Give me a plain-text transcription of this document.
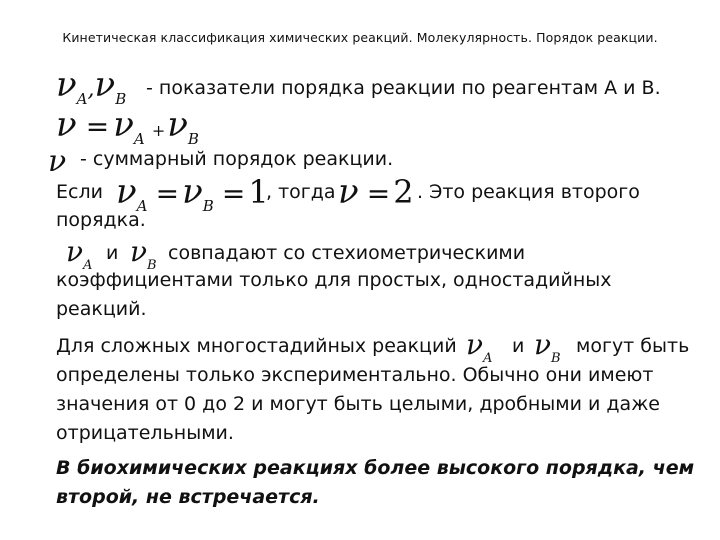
Кинетическая классификация химических реакций. Молекулярность. Порядок реакции.
νA,νB - показатели порядка реакции по реагентам А и В.
ν = νA +νB
ν - суммарный порядок реакции.
Если νA =νB =1
, тогда ν =2 . Это реакция второго
порядка.
$\nu_A$
и $\nu_B$
совпадают со стехиометрическими
коэффициентами только для простых, одностадийных
реакций.
Для сложных многостадийных реакций $\nu_A$
и $\nu_B$
могут быть
определены только экспериментально. Обычно они имеют
значения от 0 до 2 и могут быть целыми, дробными и даже
отрицательными.
В биохимических реакциях более высокого порядка, чем
второй, не встречается.
